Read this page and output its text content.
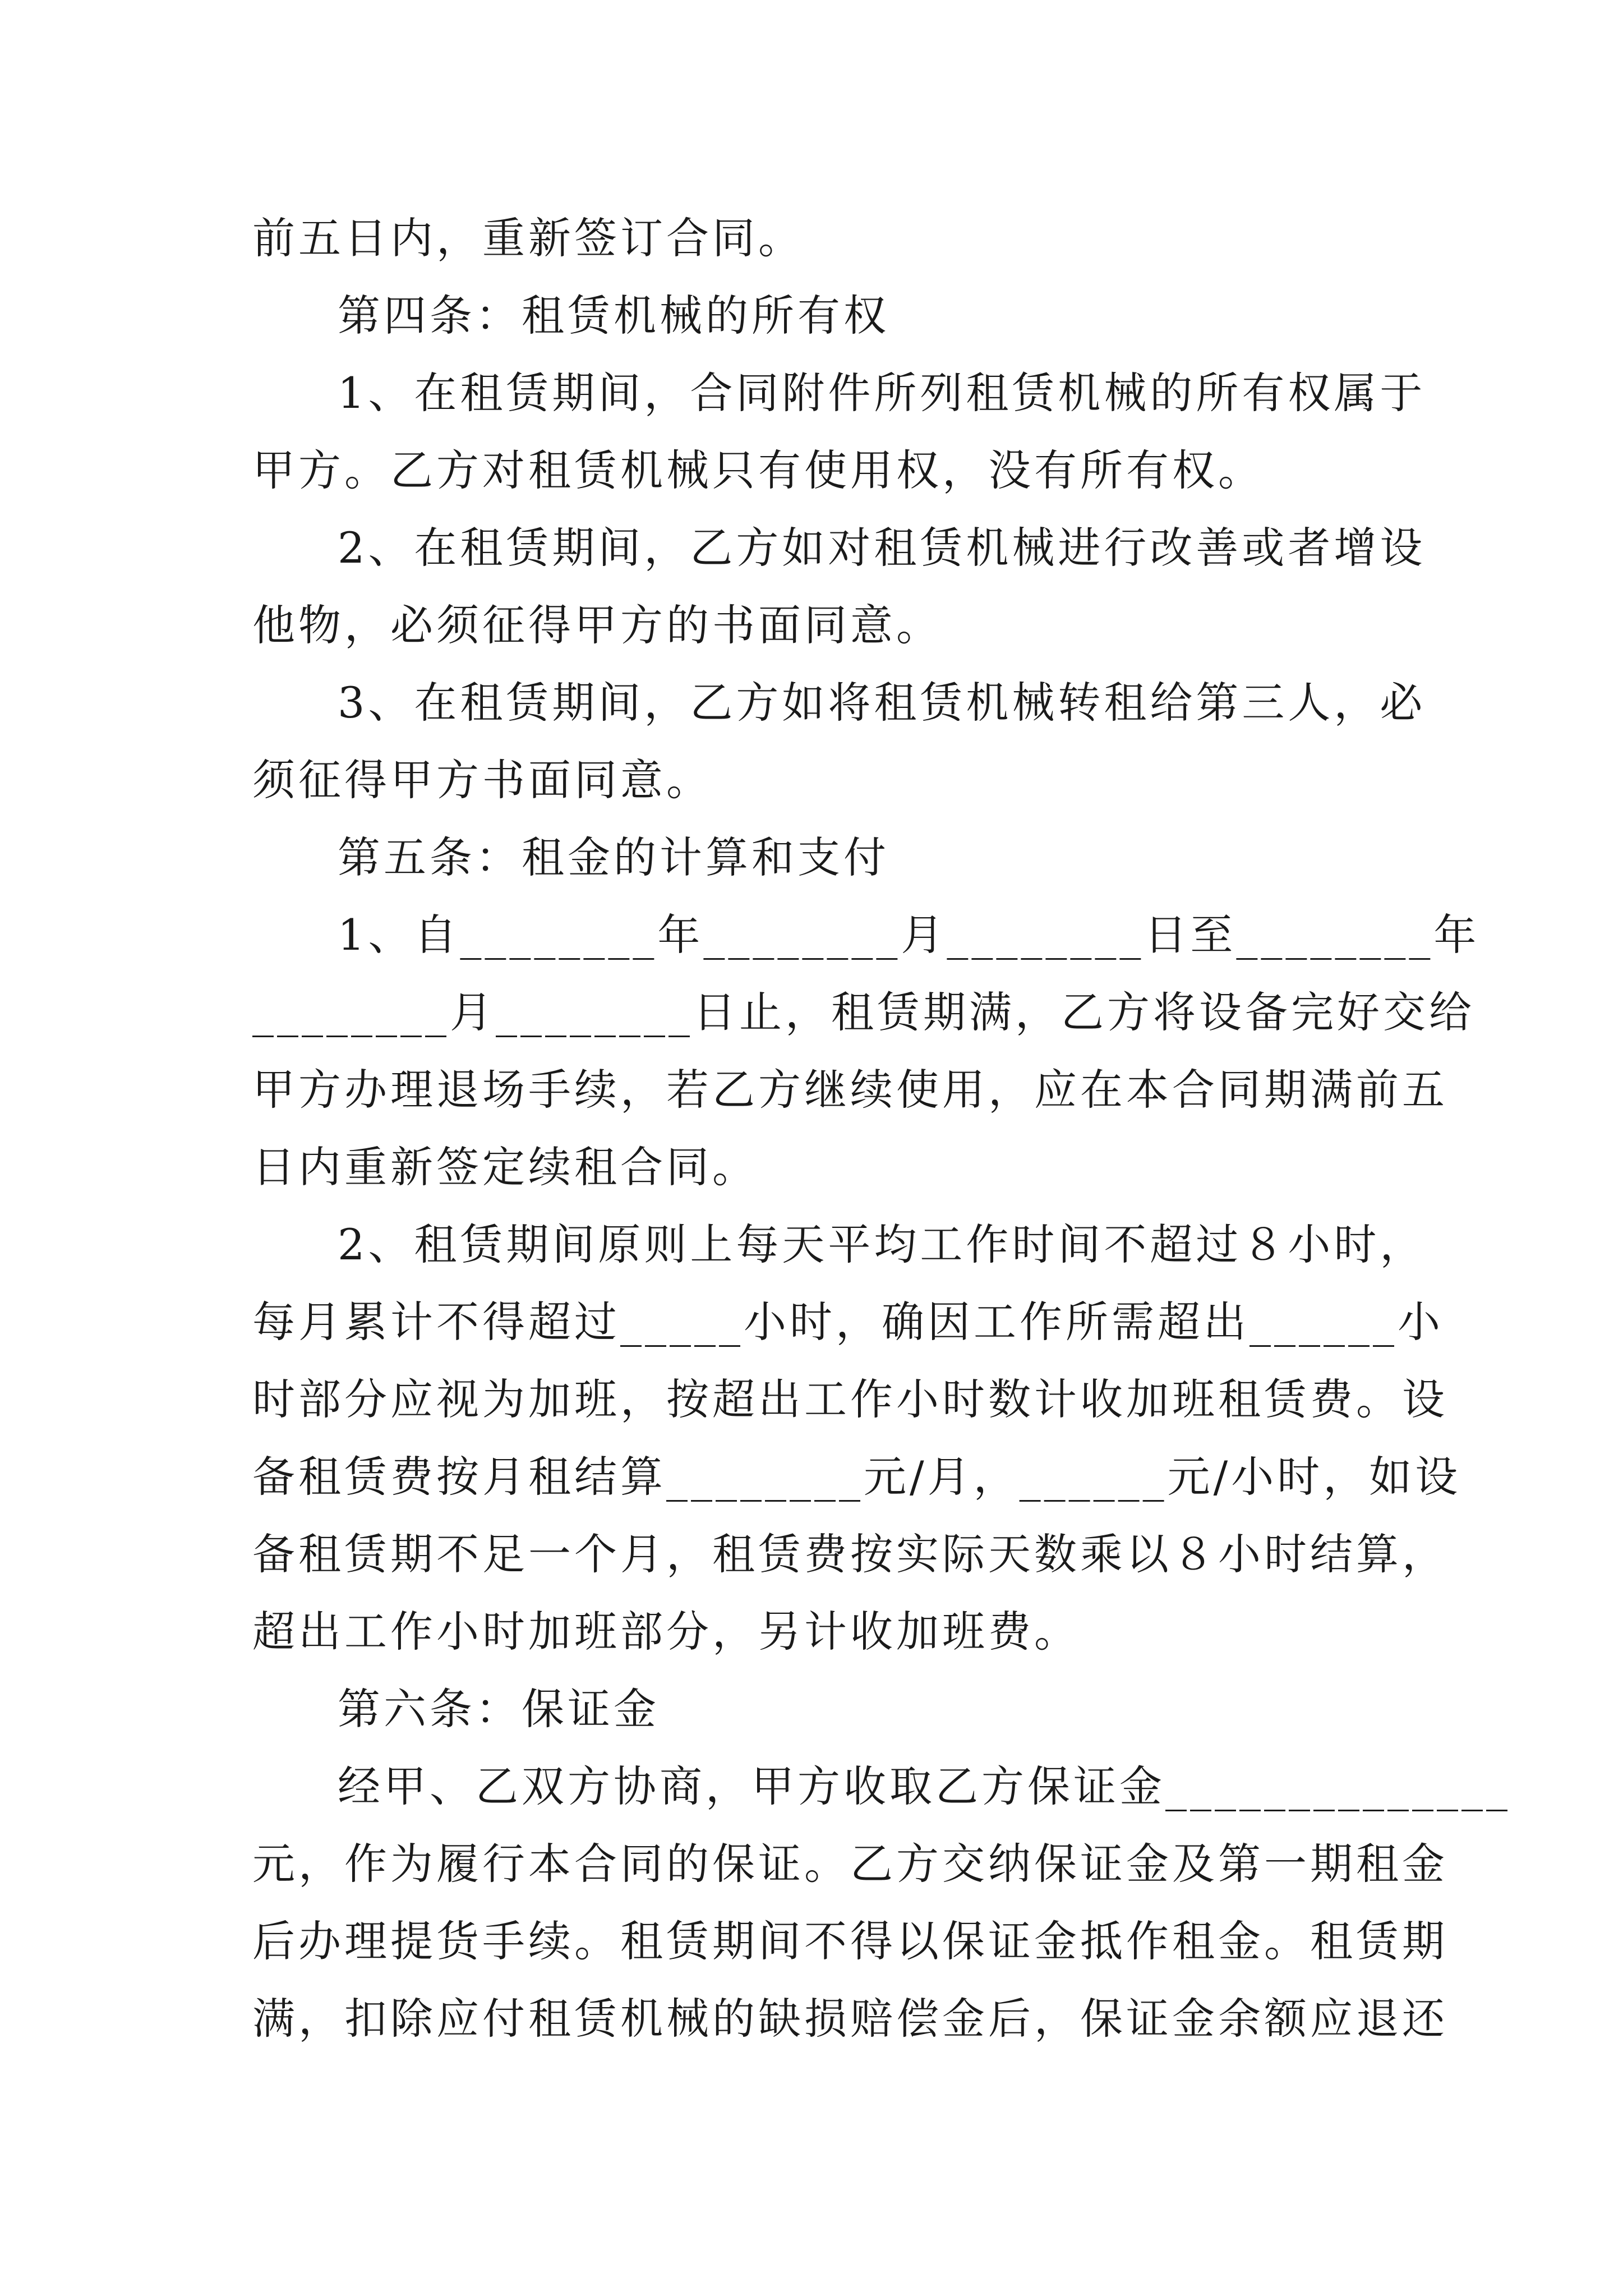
前五日内，重新签订合同。
第四条：租赁机械的所有权
1、在租赁期间，合同附件所列租赁机械的所有权属于
甲方。乙方对租赁机械只有使用权，没有所有权。
2、在租赁期间，乙方如对租赁机械进行改善或者增设
他物，必须征得甲方的书面同意。
3、在租赁期间，乙方如将租赁机械转租给第三人，必
须征得甲方书面同意。
第五条：租金的计算和支付
1、自________年________月________日至________年
________月________日止，租赁期满，乙方将设备完好交给
甲方办理退场手续，若乙方继续使用，应在本合同期满前五
日内重新签定续租合同。
2、租赁期间原则上每天平均工作时间不超过８小时，
每月累计不得超过_____小时，确因工作所需超出______小
时部分应视为加班，按超出工作小时数计收加班租赁费。设
备租赁费按月租结算________元/月，______元/小时，如设
备租赁期不足一个月，租赁费按实际天数乘以８小时结算，
超出工作小时加班部分，另计收加班费。
第六条：保证金
经甲、乙双方协商，甲方收取乙方保证金______________
元，作为履行本合同的保证。乙方交纳保证金及第一期租金
后办理提货手续。租赁期间不得以保证金抵作租金。租赁期
满，扣除应付租赁机械的缺损赔偿金后，保证金余额应退还
